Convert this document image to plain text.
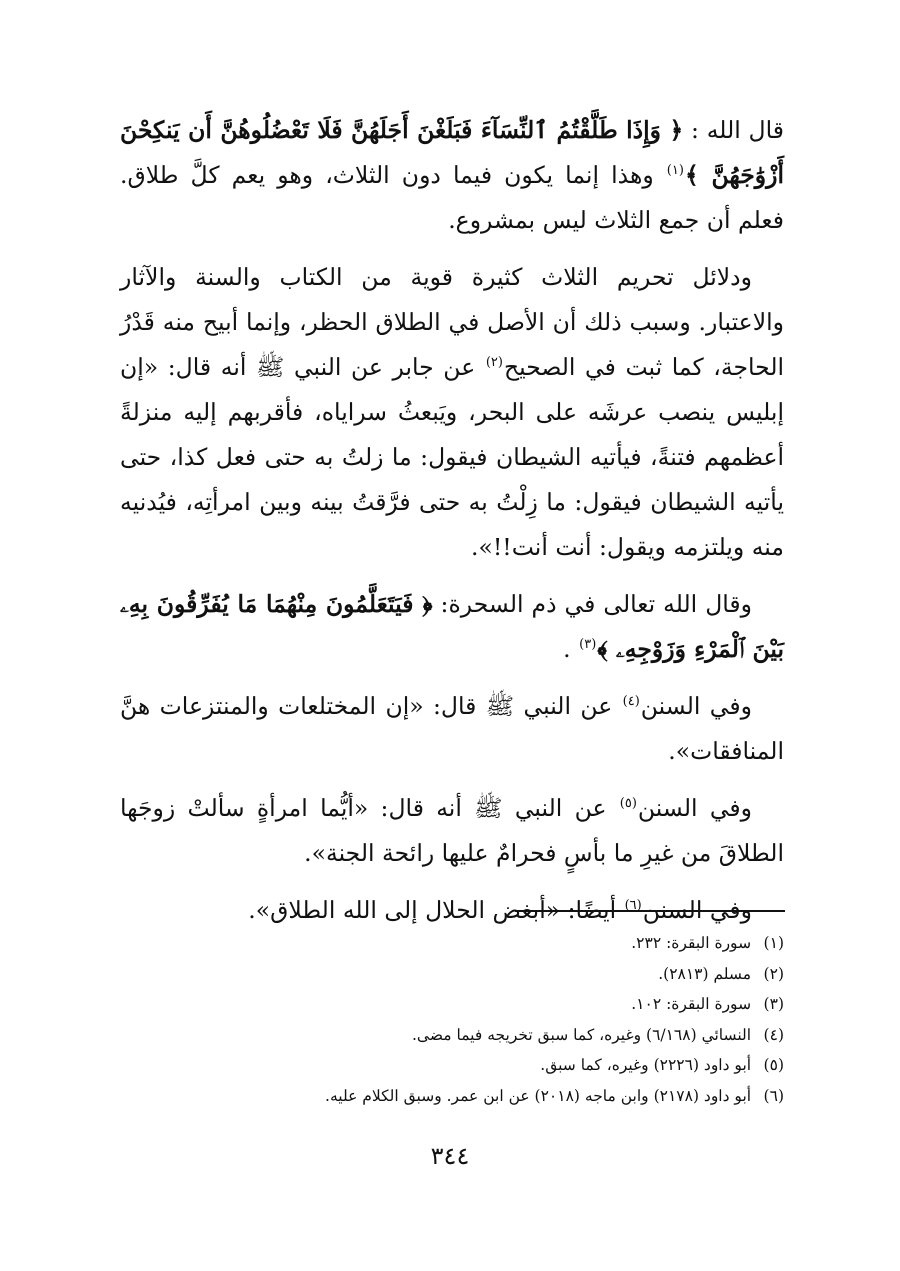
قال الله : ﴿ وَإِذَا طَلَّقْتُمُ ٱلنِّسَآءَ فَبَلَغْنَ أَجَلَهُنَّ فَلَا تَعْضُلُوهُنَّ أَن يَنكِحْنَ أَزْوَٰجَهُنَّ ﴾$^{(١)}$ وهذا إنما يكون فيما دون الثلاث، وهو يعم كلَّ طلاق. فعلم أن جمع الثلاث ليس بمشروع.

ودلائل تحريم الثلاث كثيرة قوية من الكتاب والسنة والآثار والاعتبار. وسبب ذلك أن الأصل في الطلاق الحظر، وإنما أبيح منه قَدْرُ الحاجة، كما ثبت في الصحيح$^{(٢)}$ عن جابر عن النبي ﷺ أنه قال: «إن إبليس ينصب عرشَه على البحر، ويَبعثُ سراياه، فأقربهم إليه منزلةً أعظمهم فتنةً، فيأتيه الشيطان فيقول: ما زلتُ به حتى فعل كذا، حتى يأتيه الشيطان فيقول: ما زِلْتُ به حتى فرَّقتُ بينه وبين امرأتِه، فيُدنيه منه ويلتزمه ويقول: أنت أنت!!».

وقال الله تعالى في ذم السحرة: ﴿ فَيَتَعَلَّمُونَ مِنْهُمَا مَا يُفَرِّقُونَ بِهِۦ بَيْنَ ٱلْمَرْءِ وَزَوْجِهِۦ ﴾$^{(٣)}$ .

وفي السنن$^{(٤)}$ عن النبي ﷺ قال: «إن المختلعات والمنتزعات هنَّ المنافقات».

وفي السنن$^{(٥)}$ عن النبي ﷺ أنه قال: «أيُّما امرأةٍ سألتْ زوجَها الطلاقَ من غيرِ ما بأسٍ فحرامٌ عليها رائحة الجنة».

وفي السنن$^{(٦)}$ أيضًا: «أبغض الحلال إلى الله الطلاق».

(١) سورة البقرة: ٢٣٢.
(٢) مسلم (٢٨١٣).
(٣) سورة البقرة: ١٠٢.
(٤) النسائي (٦/١٦٨) وغيره، كما سبق تخريجه فيما مضى.
(٥) أبو داود (٢٢٢٦) وغيره، كما سبق.
(٦) أبو داود (٢١٧٨) وابن ماجه (٢٠١٨) عن ابن عمر. وسبق الكلام عليه.
٣٤٤
